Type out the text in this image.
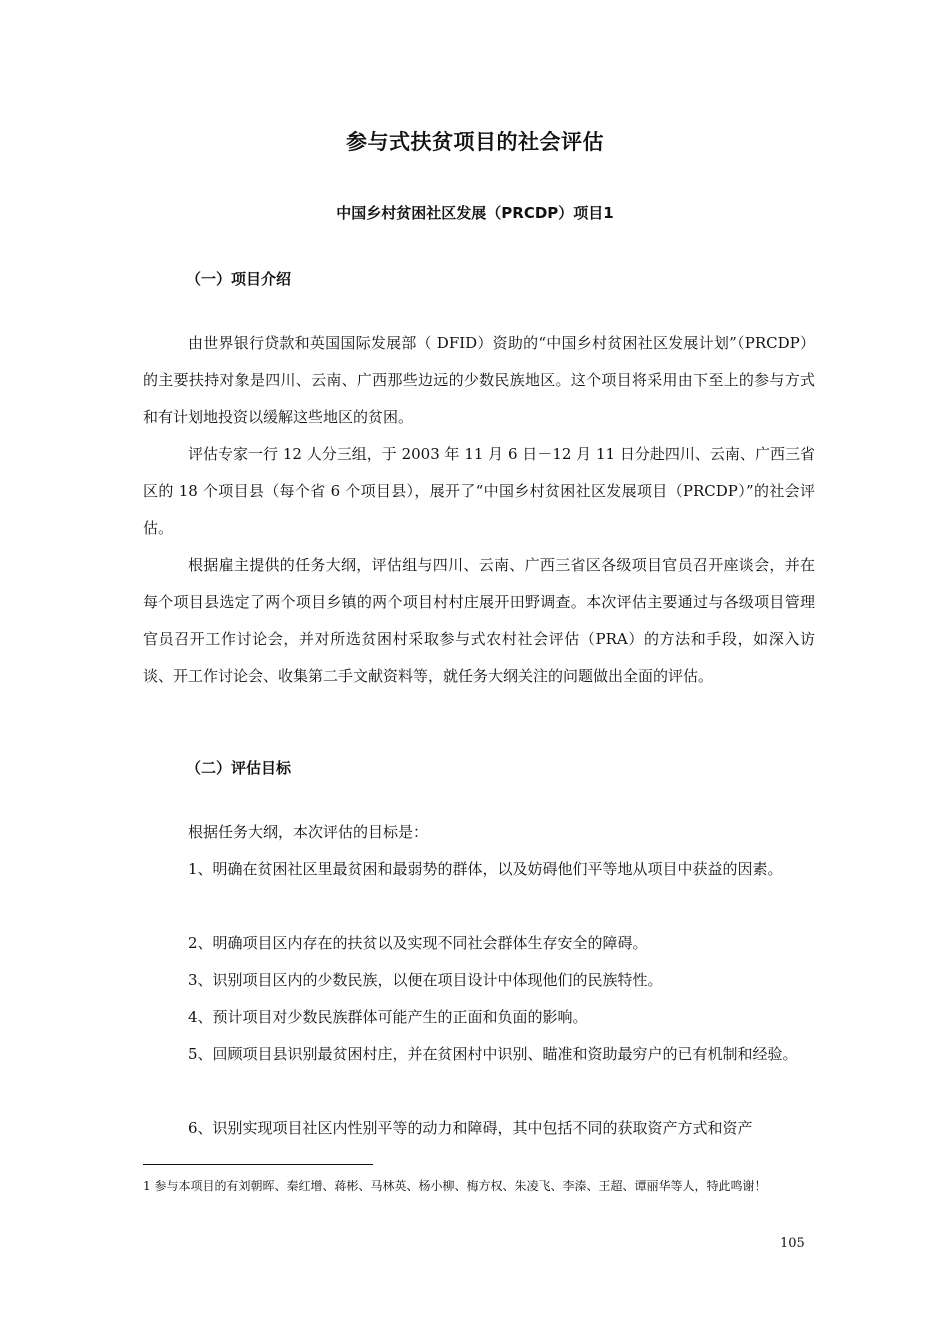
参与式扶贫项目的社会评估
中国乡村贫困社区发展（PRCDP）项目1
（一）项目介绍

由世界银行贷款和英国国际发展部（ DFID）资助的“中国乡村贫困社区发展计划”（PRCDP）的主要扶持对象是四川、云南、广西那些边远的少数民族地区。这个项目将采用由下至上的参与方式和有计划地投资以缓解这些地区的贫困。

评估专家一行 12 人分三组，于 2003 年 11 月 6 日－12 月 11 日分赴四川、云南、广西三省区的 18 个项目县（每个省 6 个项目县），展开了“中国乡村贫困社区发展项目（PRCDP）”的社会评估。

根据雇主提供的任务大纲，评估组与四川、云南、广西三省区各级项目官员召开座谈会，并在每个项目县选定了两个项目乡镇的两个项目村村庄展开田野调查。本次评估主要通过与各级项目管理官员召开工作讨论会，并对所选贫困村采取参与式农村社会评估（PRA）的方法和手段，如深入访谈、开工作讨论会、收集第二手文献资料等，就任务大纲关注的问题做出全面的评估。

（二）评估目标

根据任务大纲，本次评估的目标是：

1、明确在贫困社区里最贫困和最弱势的群体，以及妨碍他们平等地从项目中获益的因素。

2、明确项目区内存在的扶贫以及实现不同社会群体生存安全的障碍。

3、识别项目区内的少数民族，以便在项目设计中体现他们的民族特性。

4、预计项目对少数民族群体可能产生的正面和负面的影响。

5、回顾项目县识别最贫困村庄，并在贫困村中识别、瞄准和资助最穷户的已有机制和经验。

6、识别实现项目社区内性别平等的动力和障碍，其中包括不同的获取资产方式和资产

1 参与本项目的有刘朝晖、秦红增、蒋彬、马林英、杨小柳、梅方权、朱凌飞、李溱、王超、谭丽华等人，特此鸣谢！

105
